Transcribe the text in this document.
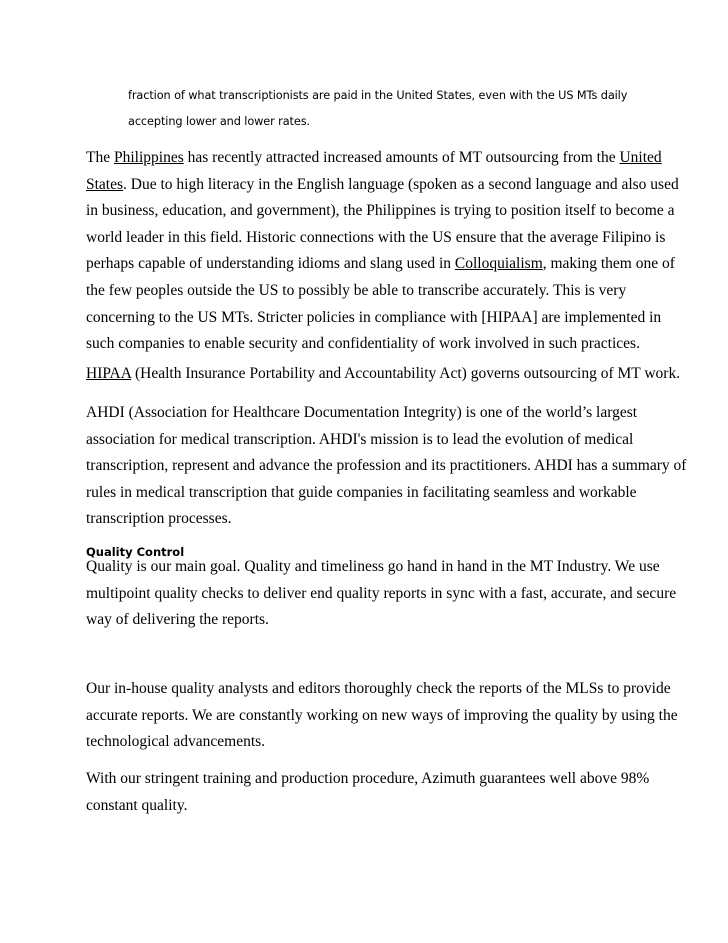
fraction of what transcriptionists are paid in the United States, even with the US MTs daily
accepting lower and lower rates.
The Philippines has recently attracted increased amounts of MT outsourcing from the United
States. Due to high literacy in the English language (spoken as a second language and also used
in business, education, and government), the Philippines is trying to position itself to become a
world leader in this field. Historic connections with the US ensure that the average Filipino is
perhaps capable of understanding idioms and slang used in Colloquialism, making them one of
the few peoples outside the US to possibly be able to transcribe accurately. This is very
concerning to the US MTs. Stricter policies in compliance with [HIPAA] are implemented in
such companies to enable security and confidentiality of work involved in such practices.
HIPAA (Health Insurance Portability and Accountability Act) governs outsourcing of MT work.
AHDI (Association for Healthcare Documentation Integrity) is one of the world’s largest
association for medical transcription. AHDI's mission is to lead the evolution of medical
transcription, represent and advance the profession and its practitioners. AHDI has a summary of
rules in medical transcription that guide companies in facilitating seamless and workable
transcription processes.
Quality Control
Quality is our main goal. Quality and timeliness go hand in hand in the MT Industry. We use
multipoint quality checks to deliver end quality reports in sync with a fast, accurate, and secure
way of delivering the reports.
Our in-house quality analysts and editors thoroughly check the reports of the MLSs to provide
accurate reports. We are constantly working on new ways of improving the quality by using the
technological advancements.
With our stringent training and production procedure, Azimuth guarantees well above 98%
constant quality.
